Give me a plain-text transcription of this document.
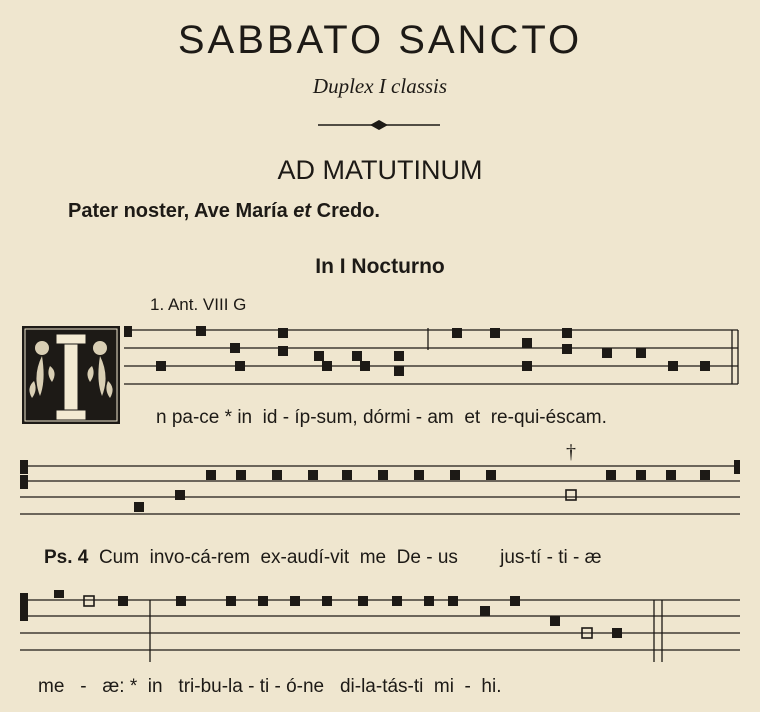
SABBATO SANCTO
Duplex I classis
AD MATUTINUM
Pater noster, Ave María et Credo.
In I Nocturno
1. Ant. VIII G
n pa-ce * in  id - íp-sum, dórmi - am  et  re-qui-éscam.
†
Ps. 4 Cum  invo-cá-rem  ex-audí-vit  me  De - us        jus-tí - ti - æ
me   -   æ: *  in   tri-bu-la - ti - ó-ne   di-la-tás-ti  mi  -  hi.
